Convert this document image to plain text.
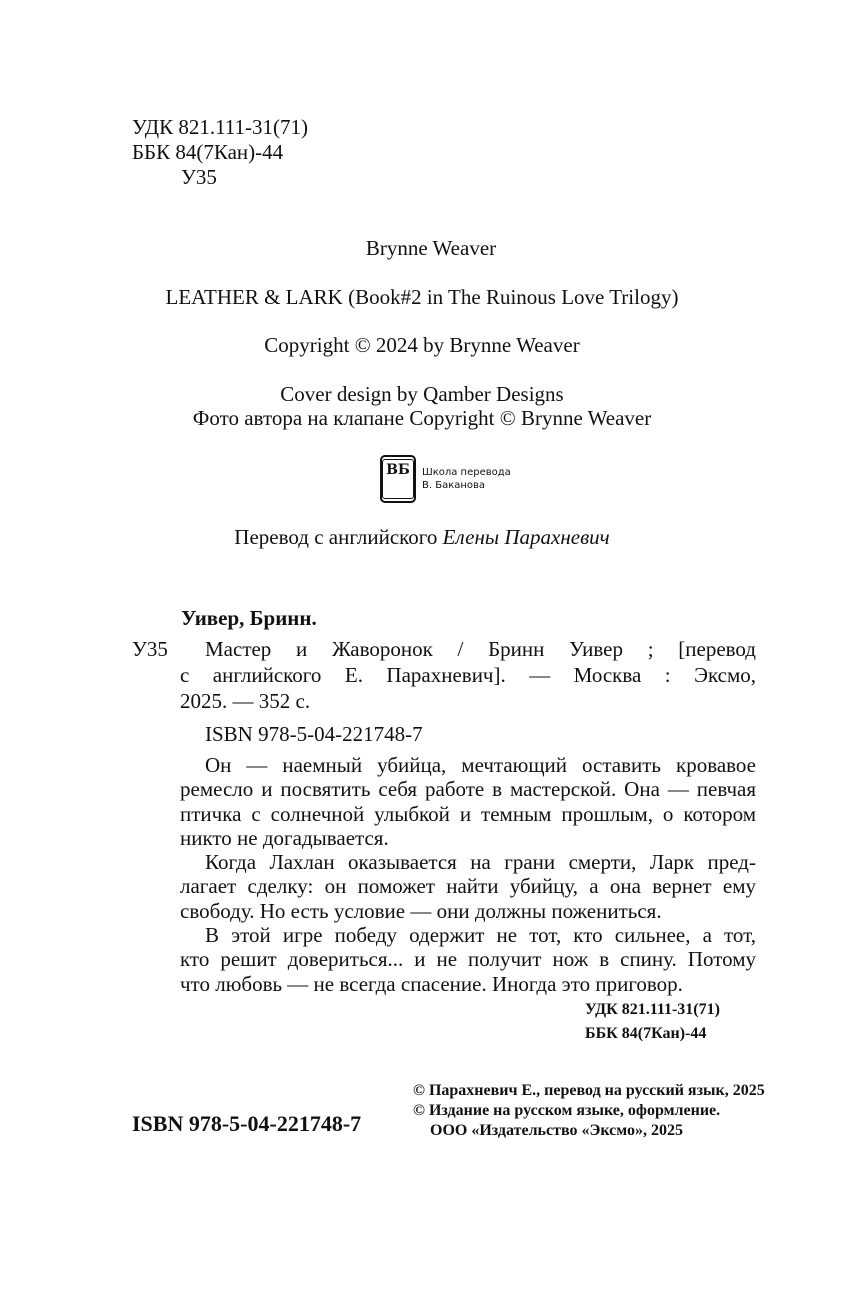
УДК 821.111-31(71)
ББК 84(7Кан)-44
У35
Brynne Weaver
LEATHER & LARK (Book#2 in The Ruinous Love Trilogy)
Copyright © 2024 by Brynne Weaver
Cover design by Qamber Designs
Фото автора на клапане Copyright © Brynne Weaver
ВБ	Школа перевода
В. Баканова
Перевод с английского Елены Парахневич
Уивер, Бринн.
У35 Мастер и Жаворонок / Бринн Уивер ; [перевод
с английского Е. Парахневич]. — Москва : Эксмо,
2025. — 352 с.
ISBN 978-5-04-221748-7
Он — наемный убийца, мечтающий оставить кровавое
ремесло и посвятить себя работе в мастерской. Она — певчая
птичка с солнечной улыбкой и темным прошлым, о котором
никто не догадывается.
Когда Лахлан оказывается на грани смерти, Ларк пред-
лагает сделку: он поможет найти убийцу, а она вернет ему
свободу. Но есть условие — они должны пожениться.
В этой игре победу одержит не тот, кто сильнее, а тот,
кто решит довериться... и не получит нож в спину. Потому
что любовь — не всегда спасение. Иногда это приговор.
УДК 821.111-31(71)
ББК 84(7Кан)-44
ISBN 978-5-04-221748-7
© Парахневич Е., перевод на русский язык, 2025
© Издание на русском языке, оформление.
ООО «Издательство «Эксмо», 2025
